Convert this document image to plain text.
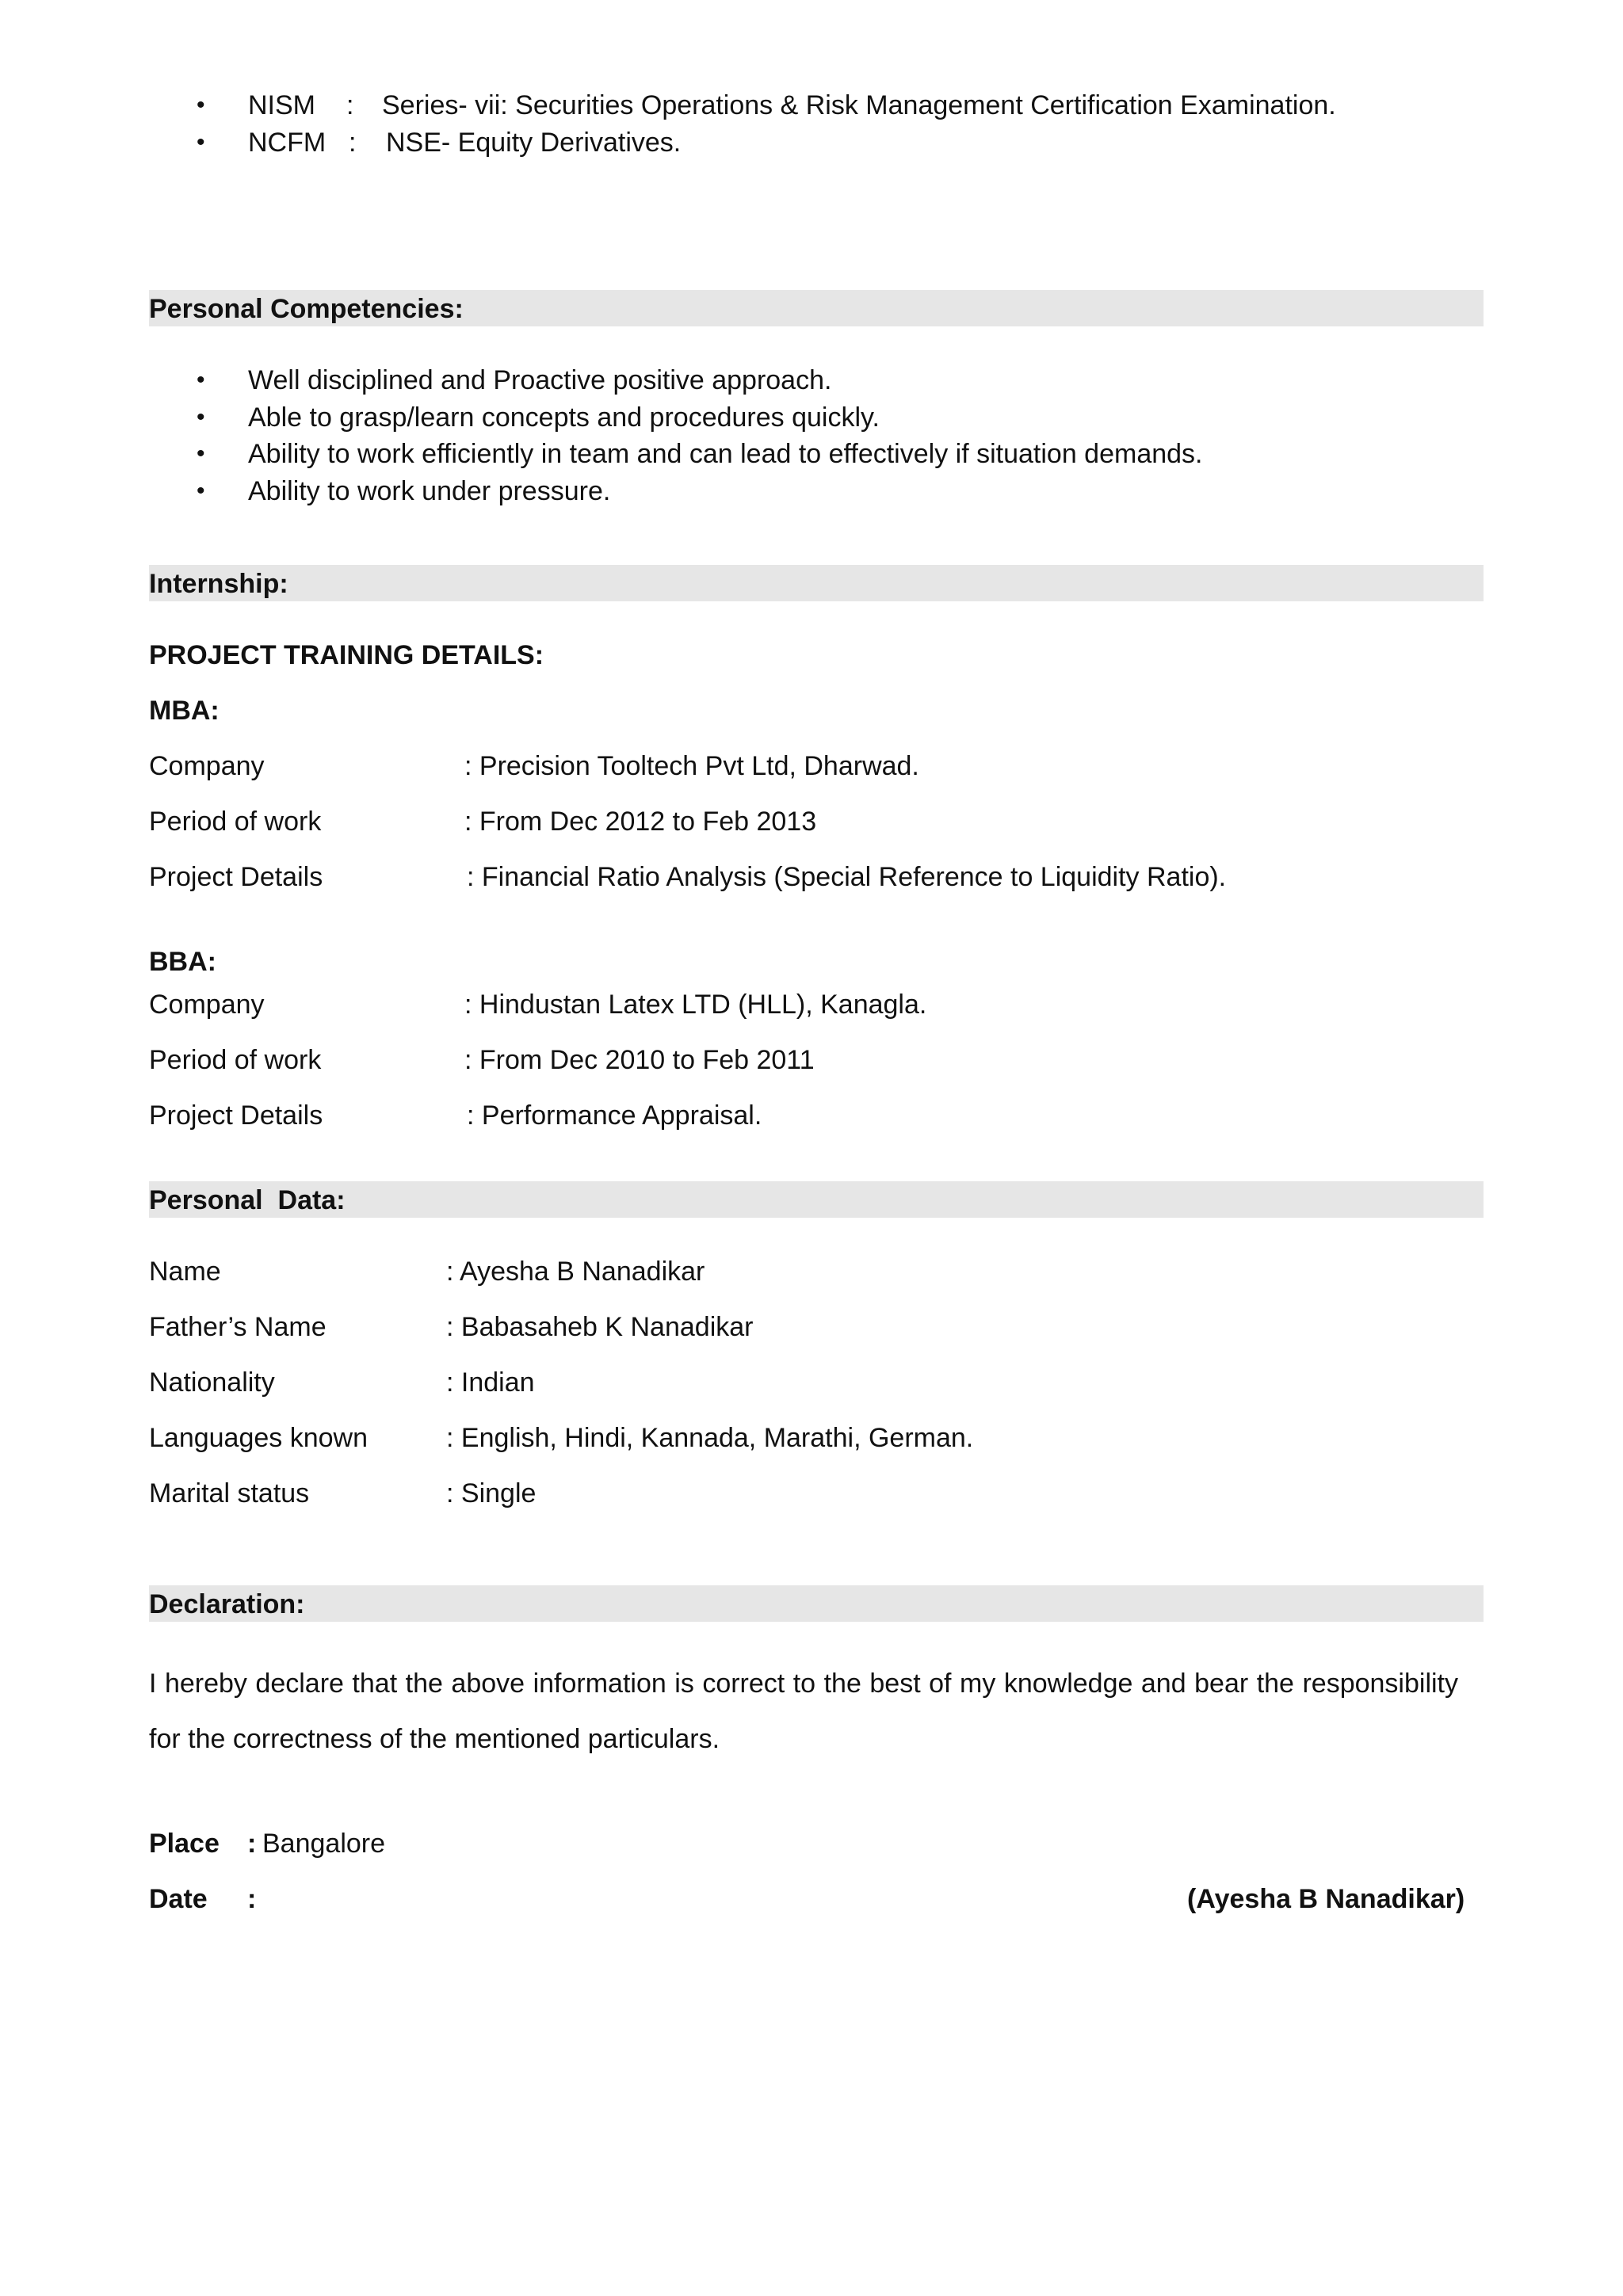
• NISM : Series- vii: Securities Operations & Risk Management Certification Examination.
• NCFM : NSE- Equity Derivatives.
Personal Competencies:
• Well disciplined and Proactive positive approach.
• Able to grasp/learn concepts and procedures quickly.
• Ability to work efficiently in team and can lead to effectively if situation demands.
• Ability to work under pressure.
Internship:
PROJECT TRAINING DETAILS:
MBA:
Company	: Precision Tooltech Pvt Ltd, Dharwad.
Period of work	: From Dec 2012 to Feb 2013
Project Details	: Financial Ratio Analysis (Special Reference to Liquidity Ratio).
BBA:
Company	: Hindustan Latex LTD (HLL), Kanagla.
Period of work	: From Dec 2010 to Feb 2011
Project Details	: Performance Appraisal.
Personal  Data:
Name	: Ayesha B Nanadikar
Father’s Name	: Babasaheb K Nanadikar
Nationality	: Indian
Languages known	: English, Hindi, Kannada, Marathi, German.
Marital status	: Single
Declaration:
I hereby declare that the above information is correct to the best of my knowledge and bear the responsibility for the correctness of the mentioned particulars.
Place : Bangalore
Date :	(Ayesha B Nanadikar)
